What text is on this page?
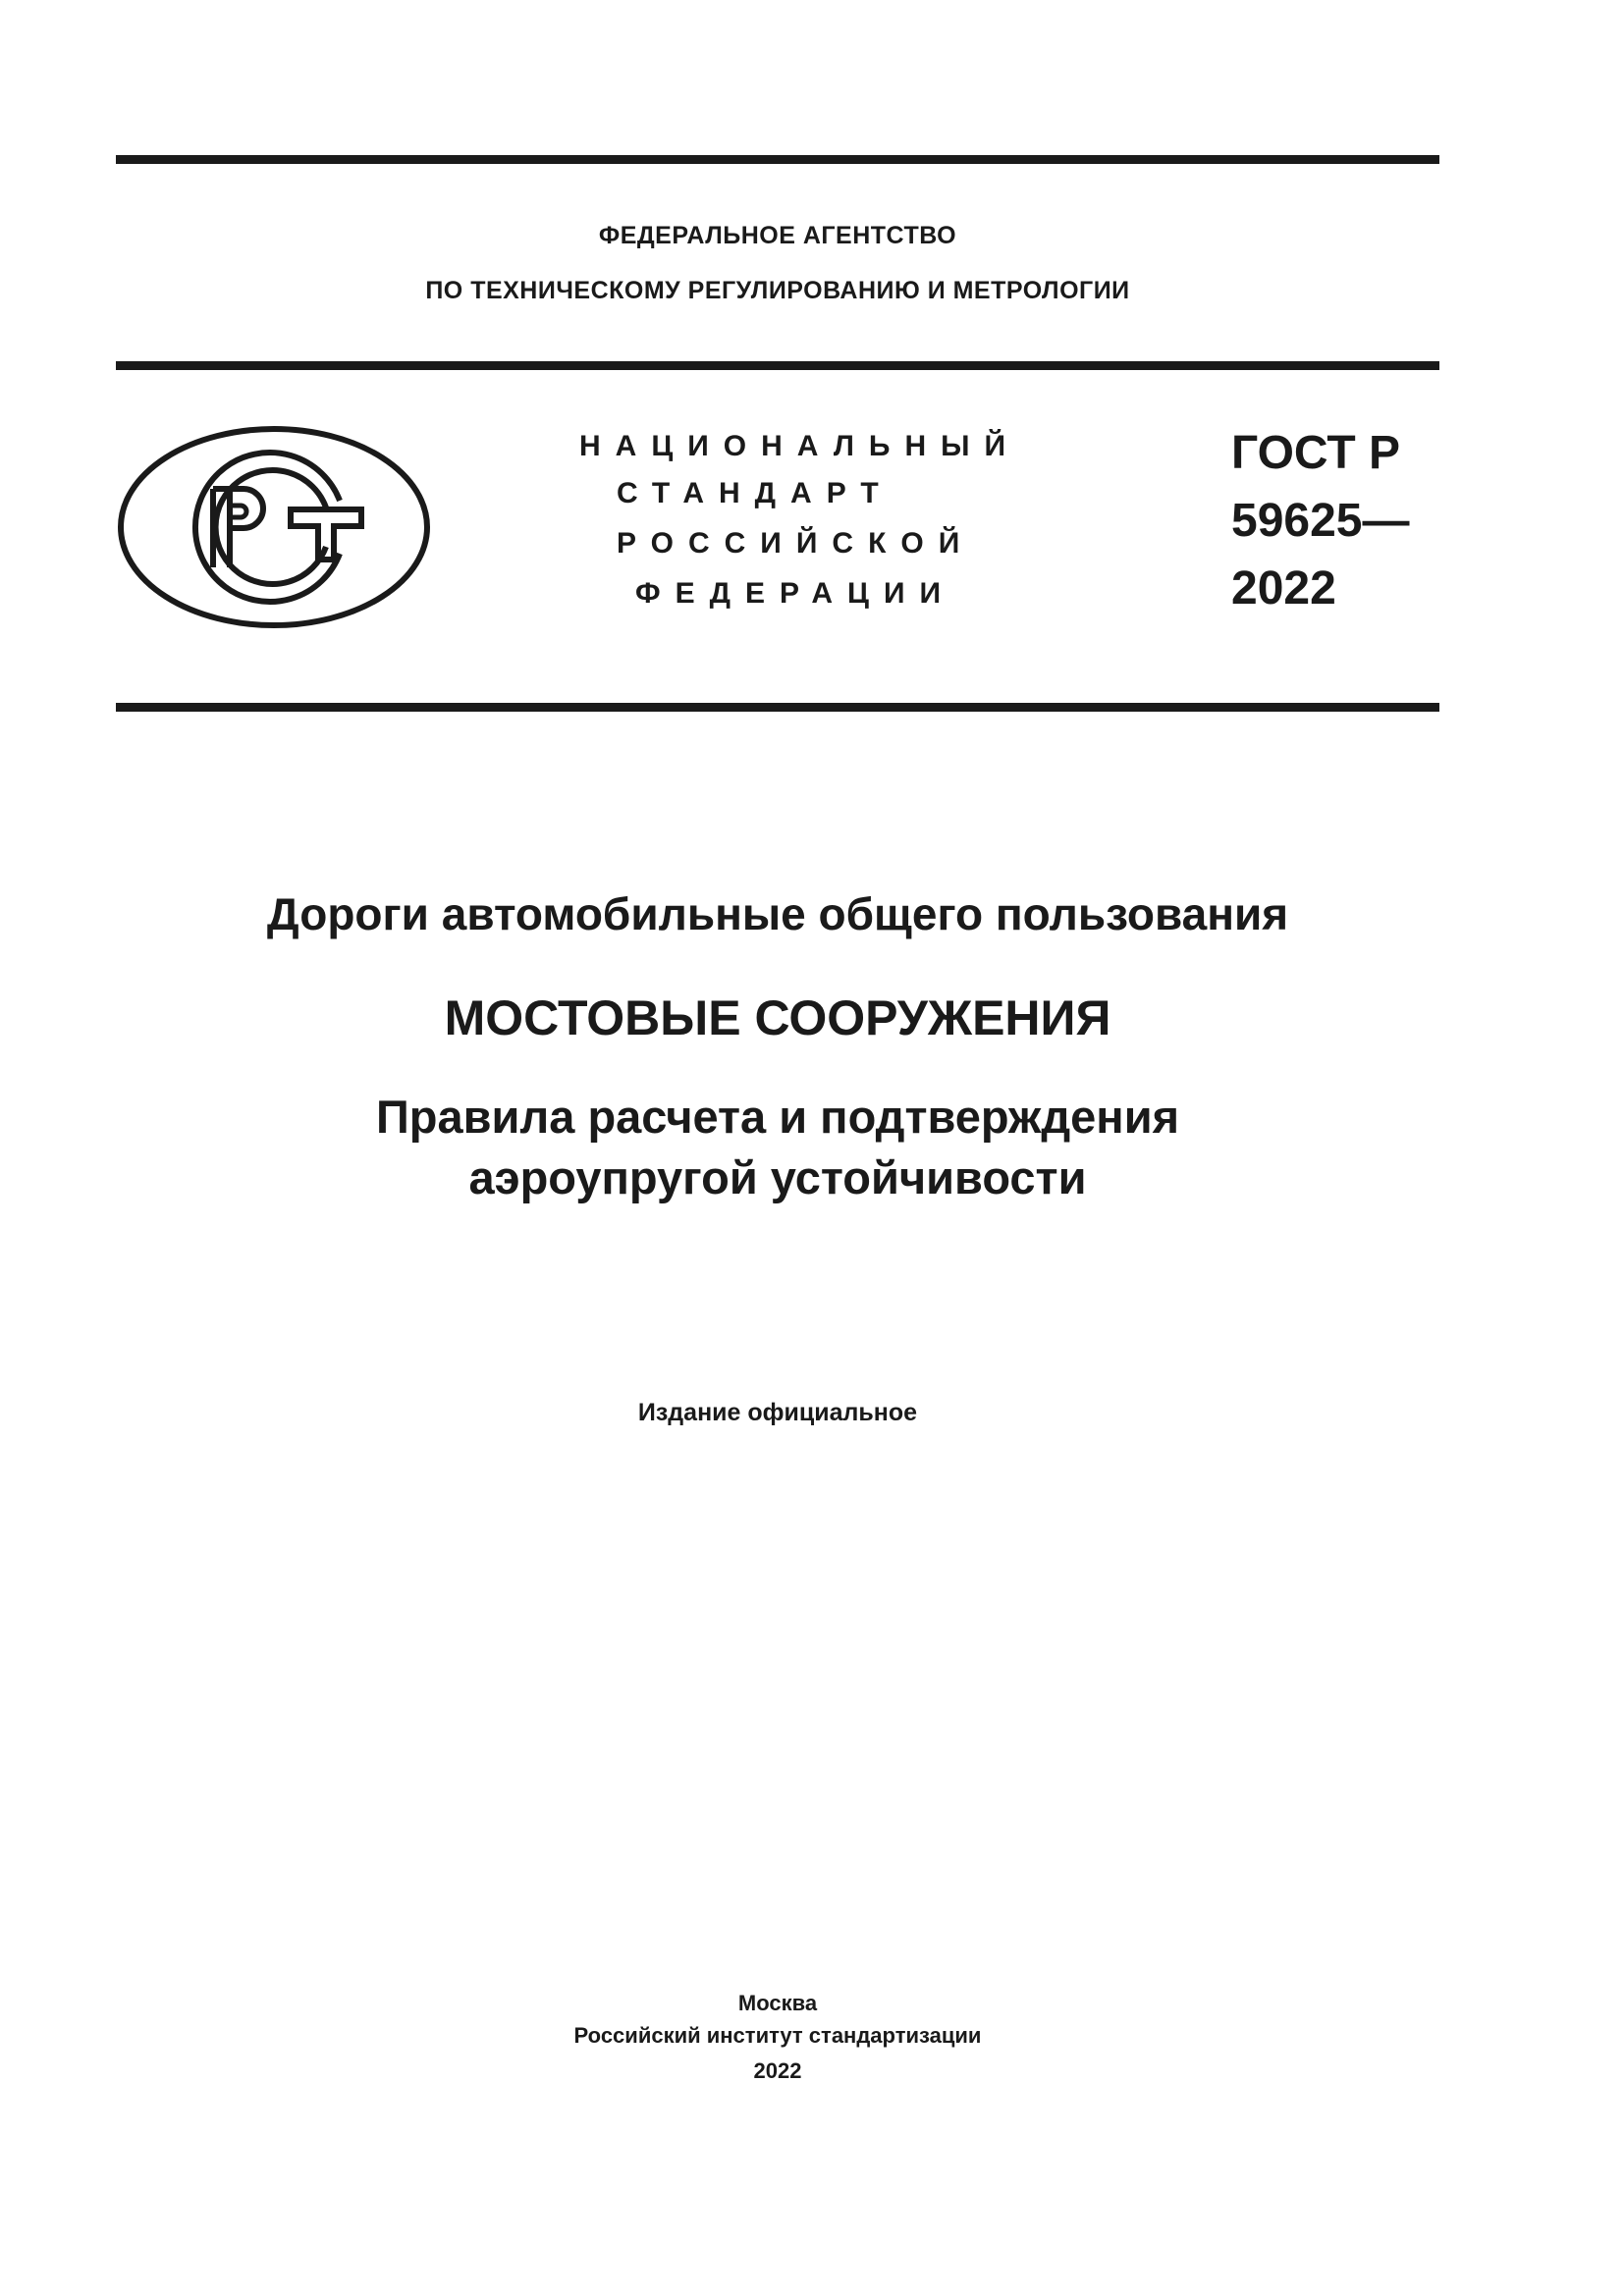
ФЕДЕРАЛЬНОЕ АГЕНТСТВО
ПО ТЕХНИЧЕСКОМУ РЕГУЛИРОВАНИЮ И МЕТРОЛОГИИ
НАЦИОНАЛЬНЫЙ
СТАНДАРТ
РОССИЙСКОЙ
ФЕДЕРАЦИИ
ГОСТ Р
59625—
2022
Дороги автомобильные общего пользования
МОСТОВЫЕ СООРУЖЕНИЯ
Правила расчета и подтверждения
аэроупругой устойчивости
Издание официальное
Москва
Российский институт стандартизации
2022
